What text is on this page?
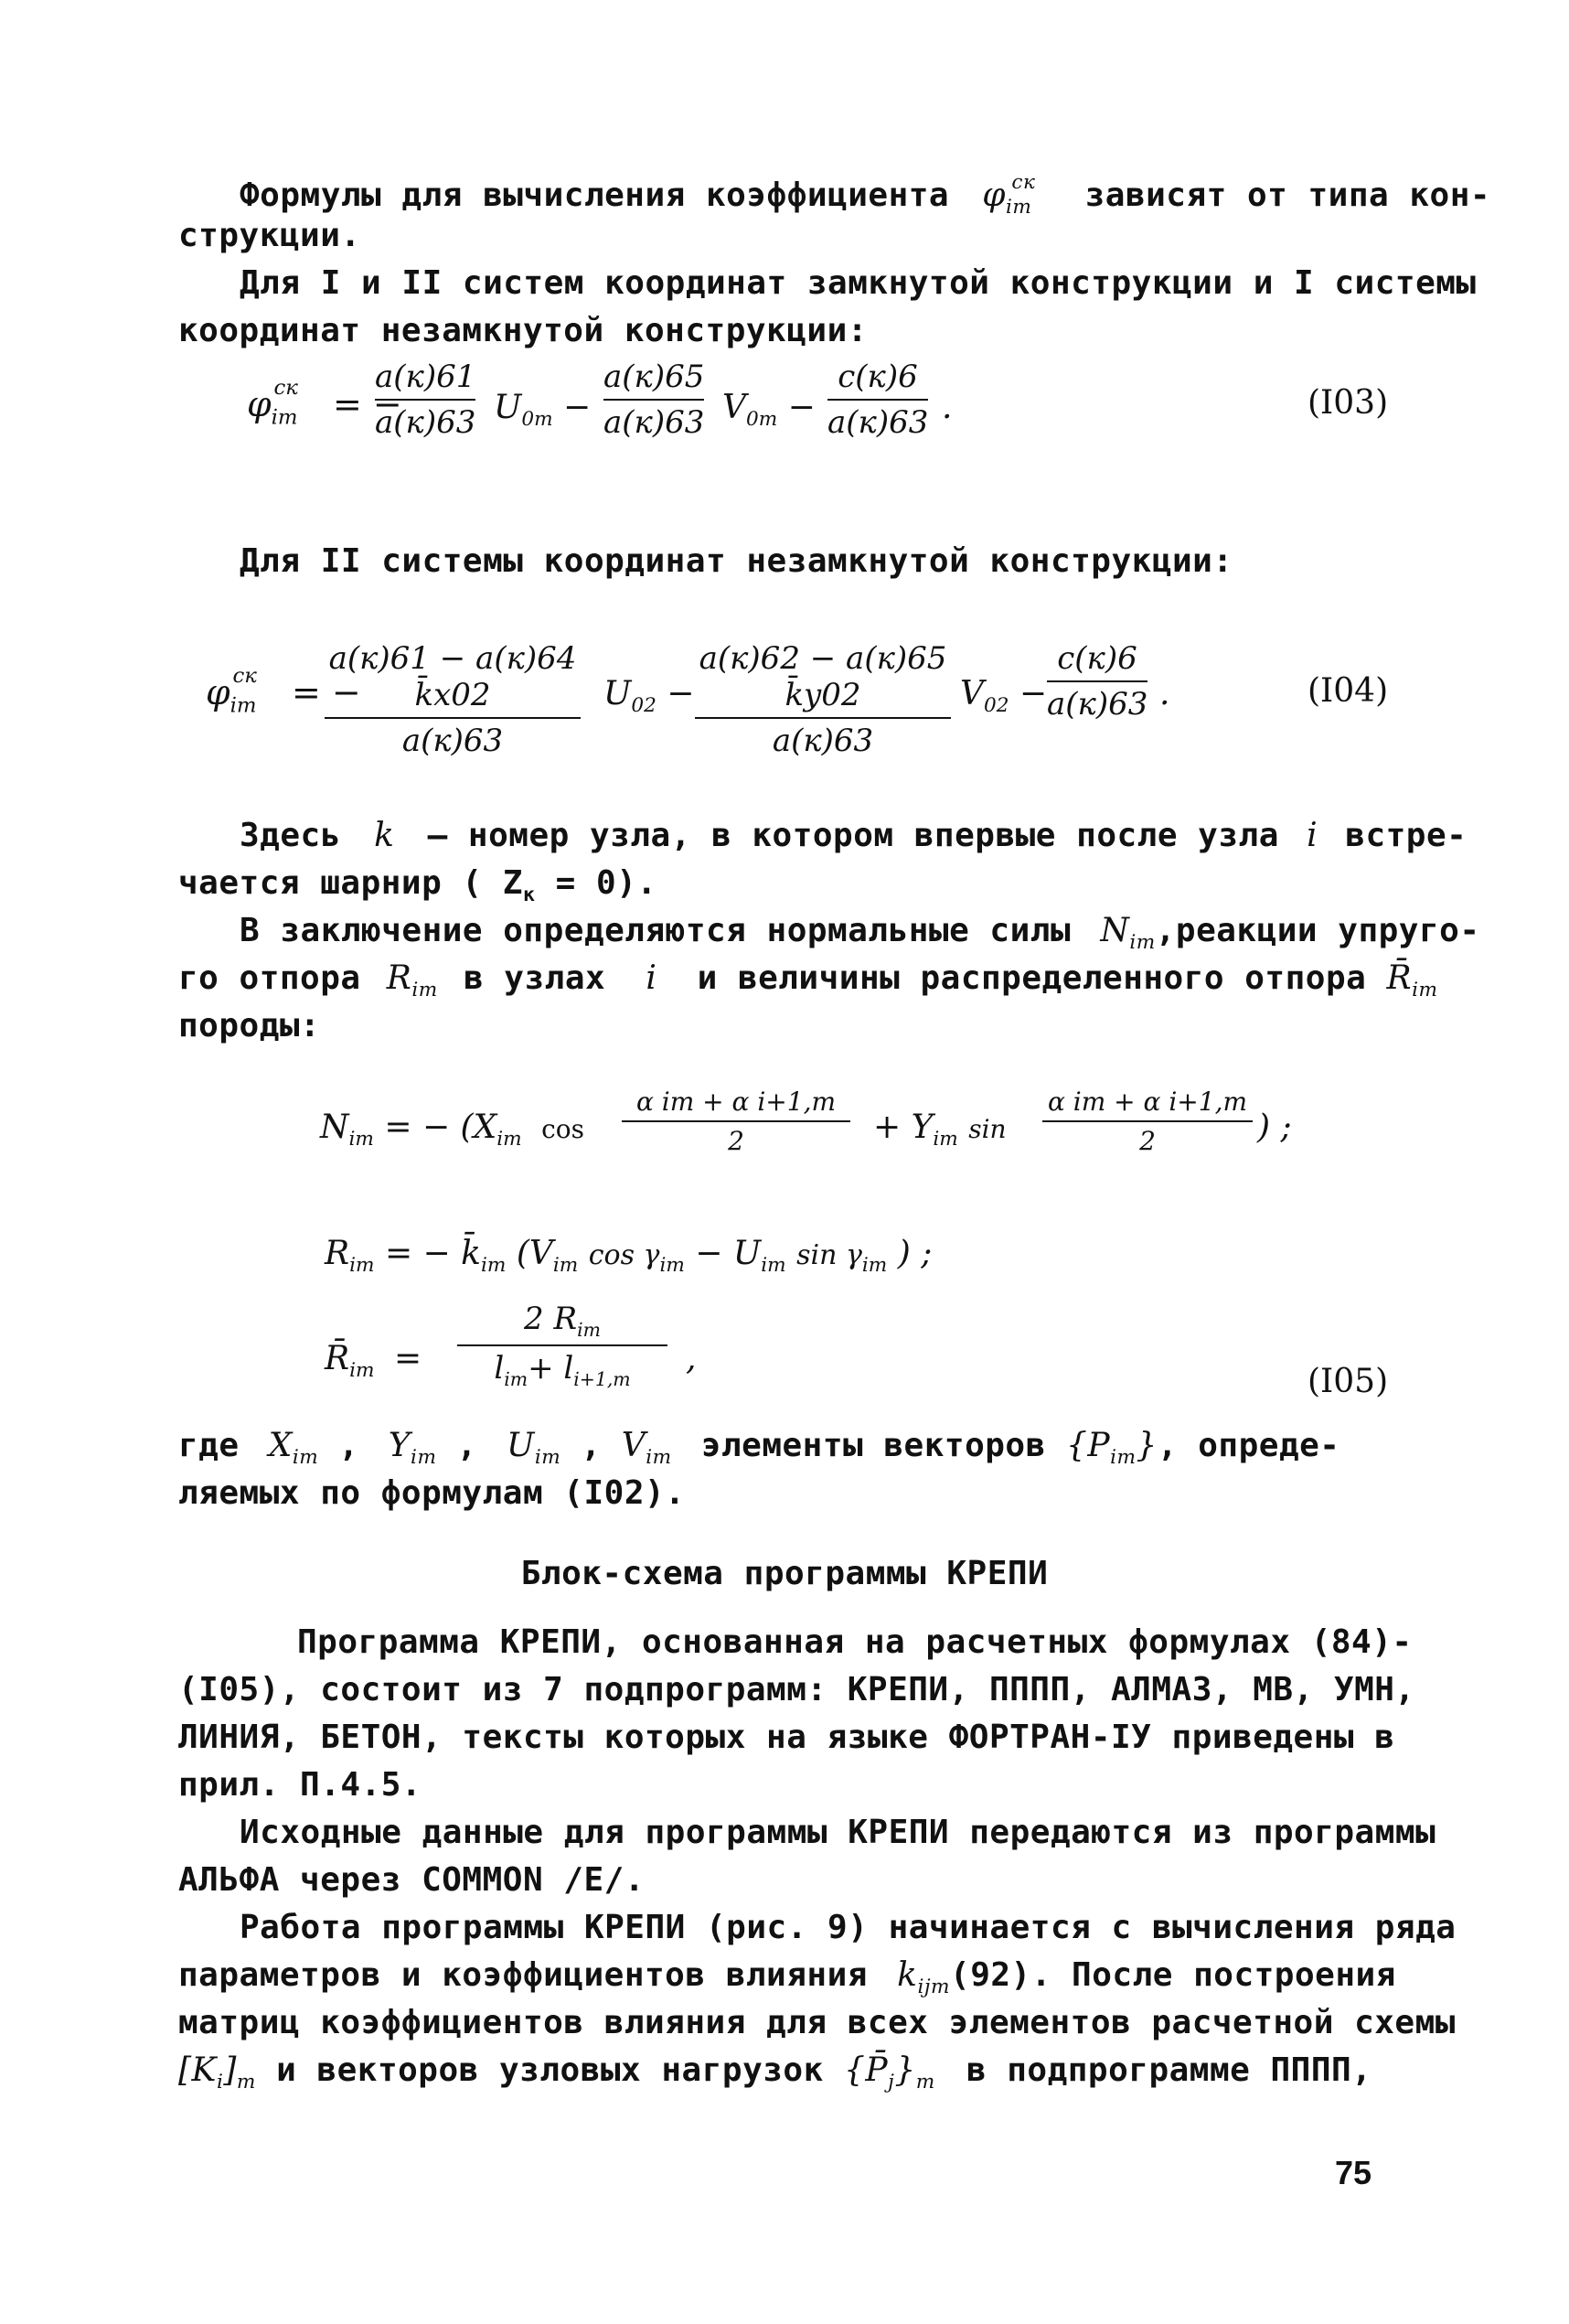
Формулы для вычисления коэффициента $\varphi_{im}^{ск}$ зависят от типа кон-
струкции.
Для I и II систем координат замкнутой конструкции и I системы
координат незамкнутой конструкции:
$\varphi_{im}^{ск}$ = −
a(к)61
a(к)63 $U_{0m}$ −
a(к)65
a(к)63 $V_{0m}$ −
c(к)6
a(к)63 .	(I03)
Для II системы координат незамкнутой конструкции:
$\varphi_{im}^{ск}$ = −
a(к)61 − a(к)64 k̄x02
a(к)63
$U_{02}$ −
a(к)62 − a(к)65 k̄y02
a(к)63
$V_{02}$ −
c(к)6
a(к)63 .	(I04)
Здесь k – номер узла, в котором впервые после узла i встре-
чается шарнир ( $Z_к = 0$).
В заключение определяются нормальные силы $N_{im},реакции$ упруго-
го отпора $R_{im}$ в узлах i и величины распределенного отпора $R̄_{im}$
породы:
$N_{im}$ = − ($X_{im}$ cos
α im + α i+1,m
2	+ $Y_{im}$ sin
α im + α i+1,m
2	) ;
$R_{im}$ = − $k̄_{im}$ ($V_{im}$ $\cos \gamma_{im} - U_{im}$ $\sin \gamma_{im}$ ) ;
$R̄_{im}$ =
2 $R_{im}$
$l_{im}+ l_{i+1,m}$
,
(I05)
где $X_{im}$ , $Y_{im}$ , $U_{im}$ , $V_{im}$ элементы векторов $\{P_{im}\}$, опреде-
ляемых по формулам (I02).
Блок-схема программы КРЕПИ
Программа КРЕПИ, основанная на расчетных формулах (84)-
(I05), состоит из 7 подпрограмм: КРЕПИ, ПППП, АЛМАЗ, МВ, УМН,
ЛИНИЯ, БЕТОН, тексты которых на языке ФОРТРАН-IУ приведены в
прил. П.4.5.
Исходные данные для программы КРЕПИ передаются из программы
АЛЬФА через COMMON /E/.
Работа программы КРЕПИ (рис. 9) начинается с вычисления ряда
параметров и коэффициентов влияния $k_{ijm}(92)$. После построения
матриц коэффициентов влияния для всех элементов расчетной схемы
$[K_i]_m$ и векторов узловых нагрузок $\{P̄_j\}_m$ в подпрограмме ПППП,
75
